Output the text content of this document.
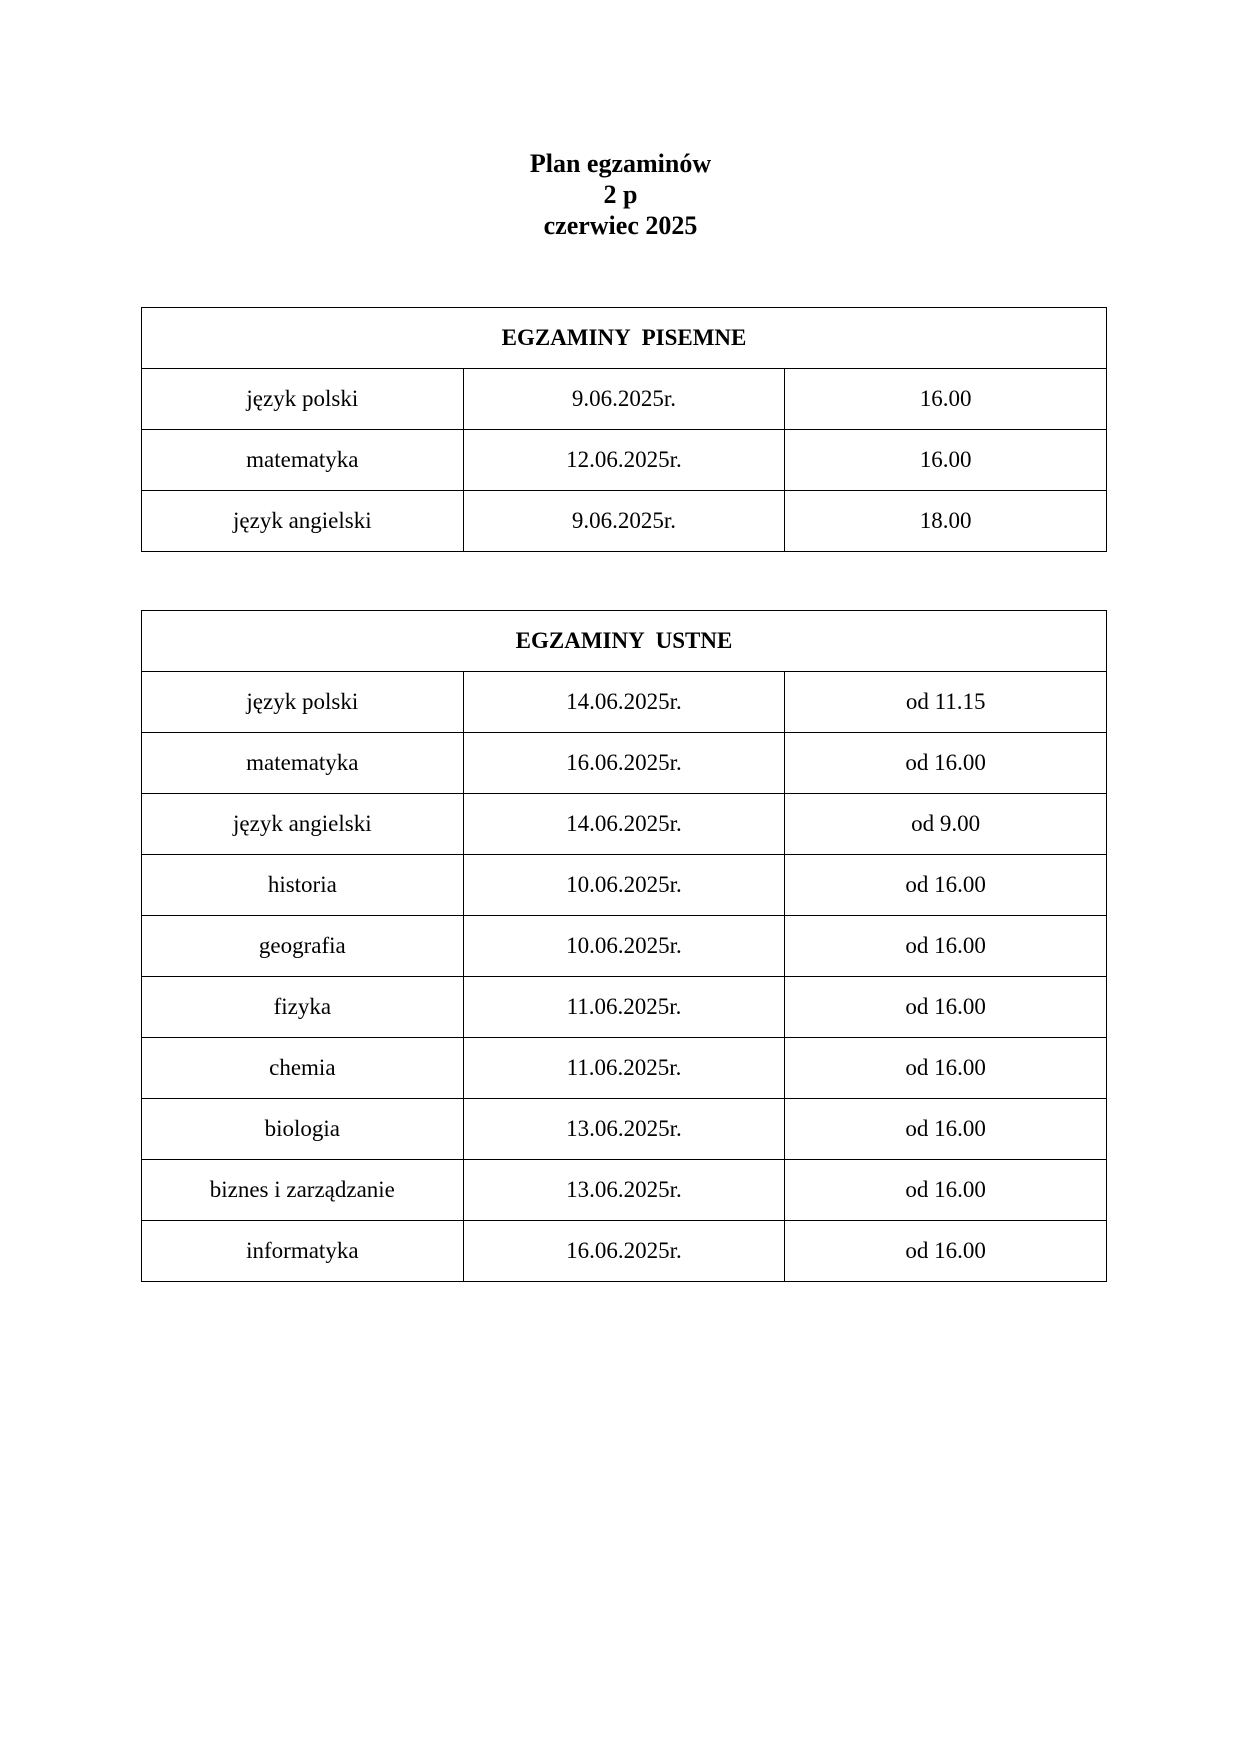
Plan egzaminów
2 p
czerwiec 2025
EGZAMINY PISEMNE		
język polski	9.06.2025r.	16.00
matematyka	12.06.2025r.	16.00
język angielski	9.06.2025r.	18.00
EGZAMINY USTNE		
język polski	14.06.2025r.	od 11.15
matematyka	16.06.2025r.	od 16.00
język angielski	14.06.2025r.	od 9.00
historia	10.06.2025r.	od 16.00
geografia	10.06.2025r.	od 16.00
fizyka	11.06.2025r.	od 16.00
chemia	11.06.2025r.	od 16.00
biologia	13.06.2025r.	od 16.00
biznes i zarządzanie	13.06.2025r.	od 16.00
informatyka	16.06.2025r.	od 16.00
